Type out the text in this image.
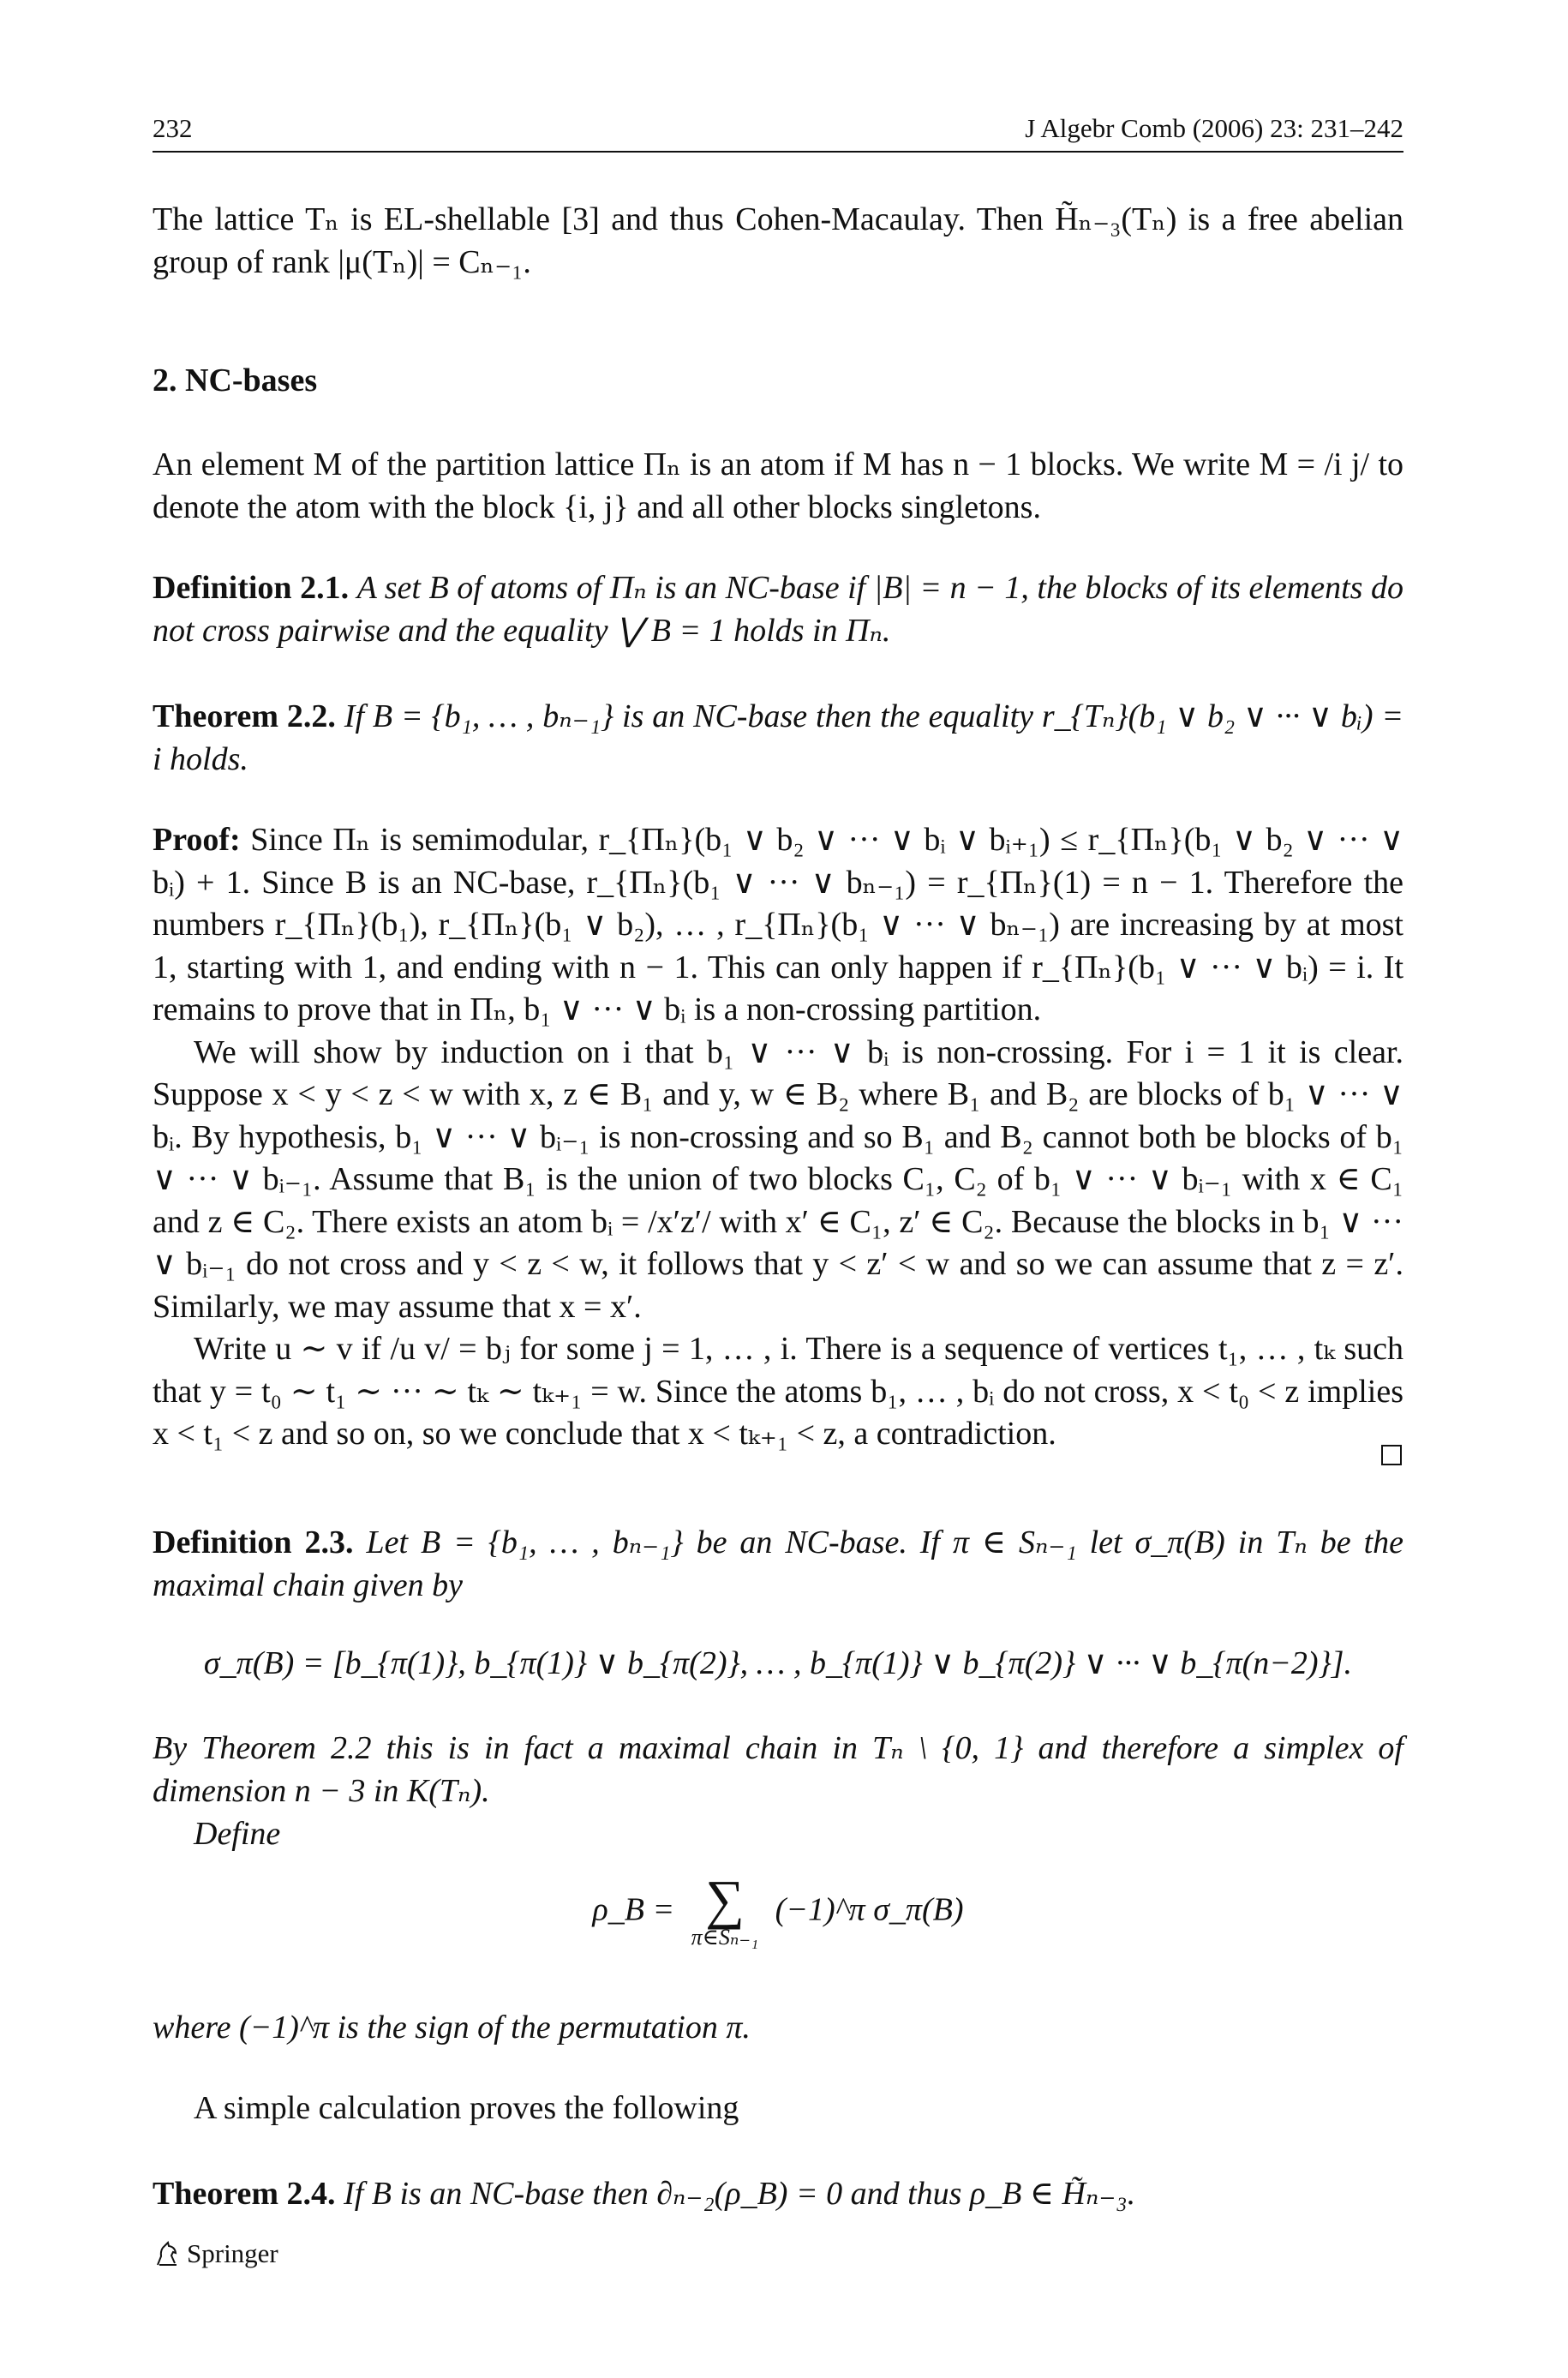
232	J Algebr Comb (2006) 23: 231–242

The lattice Tₙ is EL-shellable [3] and thus Cohen-Macaulay. Then H̃ₙ₋₃(Tₙ) is a free abelian group of rank |μ(Tₙ)| = Cₙ₋₁.

2. NC-bases

An element M of the partition lattice Πₙ is an atom if M has n − 1 blocks. We write M = /i j/ to denote the atom with the block {i, j} and all other blocks singletons.

Definition 2.1. A set B of atoms of Πₙ is an NC-base if |B| = n − 1, the blocks of its elements do not cross pairwise and the equality ⋁ B = 1 holds in Πₙ.

Theorem 2.2. If B = {b₁, … , bₙ₋₁} is an NC-base then the equality r_{Tₙ}(b₁ ∨ b₂ ∨ ··· ∨ bᵢ) = i holds.

Proof: Since Πₙ is semimodular, r_{Πₙ}(b₁ ∨ b₂ ∨ ··· ∨ bᵢ ∨ bᵢ₊₁) ≤ r_{Πₙ}(b₁ ∨ b₂ ∨ ··· ∨ bᵢ) + 1. Since B is an NC-base, r_{Πₙ}(b₁ ∨ ··· ∨ bₙ₋₁) = r_{Πₙ}(1) = n − 1. Therefore the numbers r_{Πₙ}(b₁), r_{Πₙ}(b₁ ∨ b₂), … , r_{Πₙ}(b₁ ∨ ··· ∨ bₙ₋₁) are increasing by at most 1, starting with 1, and ending with n − 1. This can only happen if r_{Πₙ}(b₁ ∨ ··· ∨ bᵢ) = i. It remains to prove that in Πₙ, b₁ ∨ ··· ∨ bᵢ is a non-crossing partition.

We will show by induction on i that b₁ ∨ ··· ∨ bᵢ is non-crossing. For i = 1 it is clear. Suppose x < y < z < w with x, z ∈ B₁ and y, w ∈ B₂ where B₁ and B₂ are blocks of b₁ ∨ ··· ∨ bᵢ. By hypothesis, b₁ ∨ ··· ∨ bᵢ₋₁ is non-crossing and so B₁ and B₂ cannot both be blocks of b₁ ∨ ··· ∨ bᵢ₋₁. Assume that B₁ is the union of two blocks C₁, C₂ of b₁ ∨ ··· ∨ bᵢ₋₁ with x ∈ C₁ and z ∈ C₂. There exists an atom bᵢ = /x′z′/ with x′ ∈ C₁, z′ ∈ C₂. Because the blocks in b₁ ∨ ··· ∨ bᵢ₋₁ do not cross and y < z < w, it follows that y < z′ < w and so we can assume that z = z′. Similarly, we may assume that x = x′.

Write u ∼ v if /u v/ = bⱼ for some j = 1, … , i. There is a sequence of vertices t₁, … , tₖ such that y = t₀ ∼ t₁ ∼ ··· ∼ tₖ ∼ tₖ₊₁ = w. Since the atoms b₁, … , bᵢ do not cross, x < t₀ < z implies x < t₁ < z and so on, so we conclude that x < tₖ₊₁ < z, a contradiction.

Definition 2.3. Let B = {b₁, … , bₙ₋₁} be an NC-base. If π ∈ Sₙ₋₁ let σ_π(B) in Tₙ be the maximal chain given by

σ_π(B) = [b_{π(1)}, b_{π(1)} ∨ b_{π(2)}, … , b_{π(1)} ∨ b_{π(2)} ∨ ··· ∨ b_{π(n−2)}].

By Theorem 2.2 this is in fact a maximal chain in Tₙ \ {0, 1} and therefore a simplex of dimension n − 3 in K(Tₙ).

Define

ρ_B = ∑
π∈Sₙ₋₁
(−1)^π σ_π(B)

where (−1)^π is the sign of the permutation π.

A simple calculation proves the following

Theorem 2.4. If B is an NC-base then ∂ₙ₋₂(ρ_B) = 0 and thus ρ_B ∈ H̃ₙ₋₃.

Springer
